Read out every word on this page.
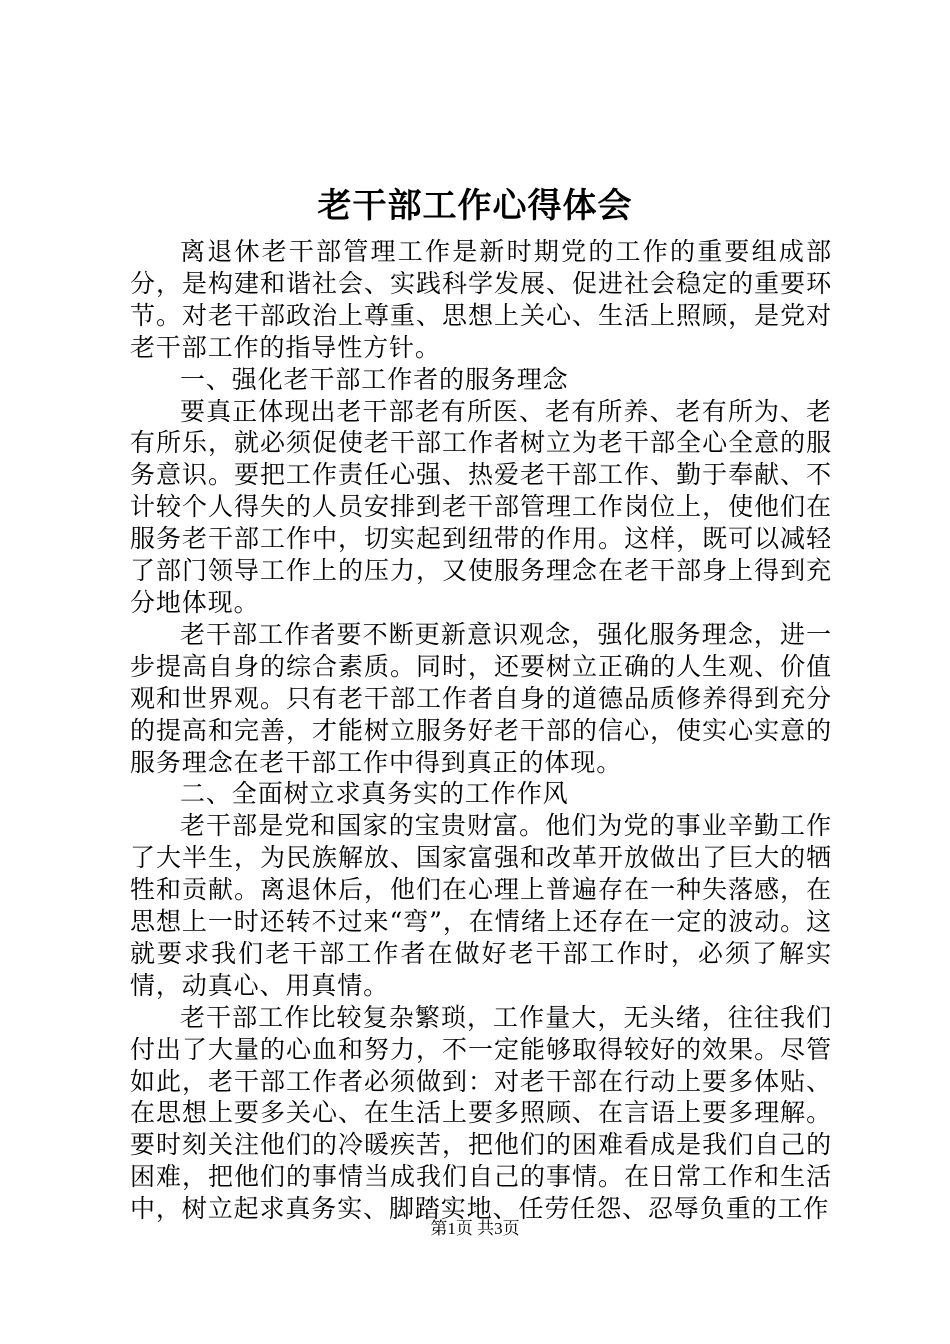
老干部工作心得体会

离退休老干部管理工作是新时期党的工作的重要组成部分，是构建和谐社会、实践科学发展、促进社会稳定的重要环节。对老干部政治上尊重、思想上关心、生活上照顾，是党对老干部工作的指导性方针。

一、强化老干部工作者的服务理念

要真正体现出老干部老有所医、老有所养、老有所为、老有所乐，就必须促使老干部工作者树立为老干部全心全意的服务意识。要把工作责任心强、热爱老干部工作、勤于奉献、不计较个人得失的人员安排到老干部管理工作岗位上，使他们在服务老干部工作中，切实起到纽带的作用。这样，既可以减轻了部门领导工作上的压力，又使服务理念在老干部身上得到充分地体现。

老干部工作者要不断更新意识观念，强化服务理念，进一步提高自身的综合素质。同时，还要树立正确的人生观、价值观和世界观。只有老干部工作者自身的道德品质修养得到充分的提高和完善，才能树立服务好老干部的信心，使实心实意的服务理念在老干部工作中得到真正的体现。

二、全面树立求真务实的工作作风

老干部是党和国家的宝贵财富。他们为党的事业辛勤工作了大半生，为民族解放、国家富强和改革开放做出了巨大的牺牲和贡献。离退休后，他们在心理上普遍存在一种失落感，在思想上一时还转不过来“弯”，在情绪上还存在一定的波动。这就要求我们老干部工作者在做好老干部工作时，必须了解实情，动真心、用真情。

老干部工作比较复杂繁琐，工作量大，无头绪，往往我们付出了大量的心血和努力，不一定能够取得较好的效果。尽管如此，老干部工作者必须做到：对老干部在行动上要多体贴、在思想上要多关心、在生活上要多照顾、在言语上要多理解。要时刻关注他们的冷暖疾苦，把他们的困难看成是我们自己的困难，把他们的事情当成我们自己的事情。在日常工作和生活中，树立起求真务实、脚踏实地、任劳任怨、忍辱负重的工作

第1页 共3页
